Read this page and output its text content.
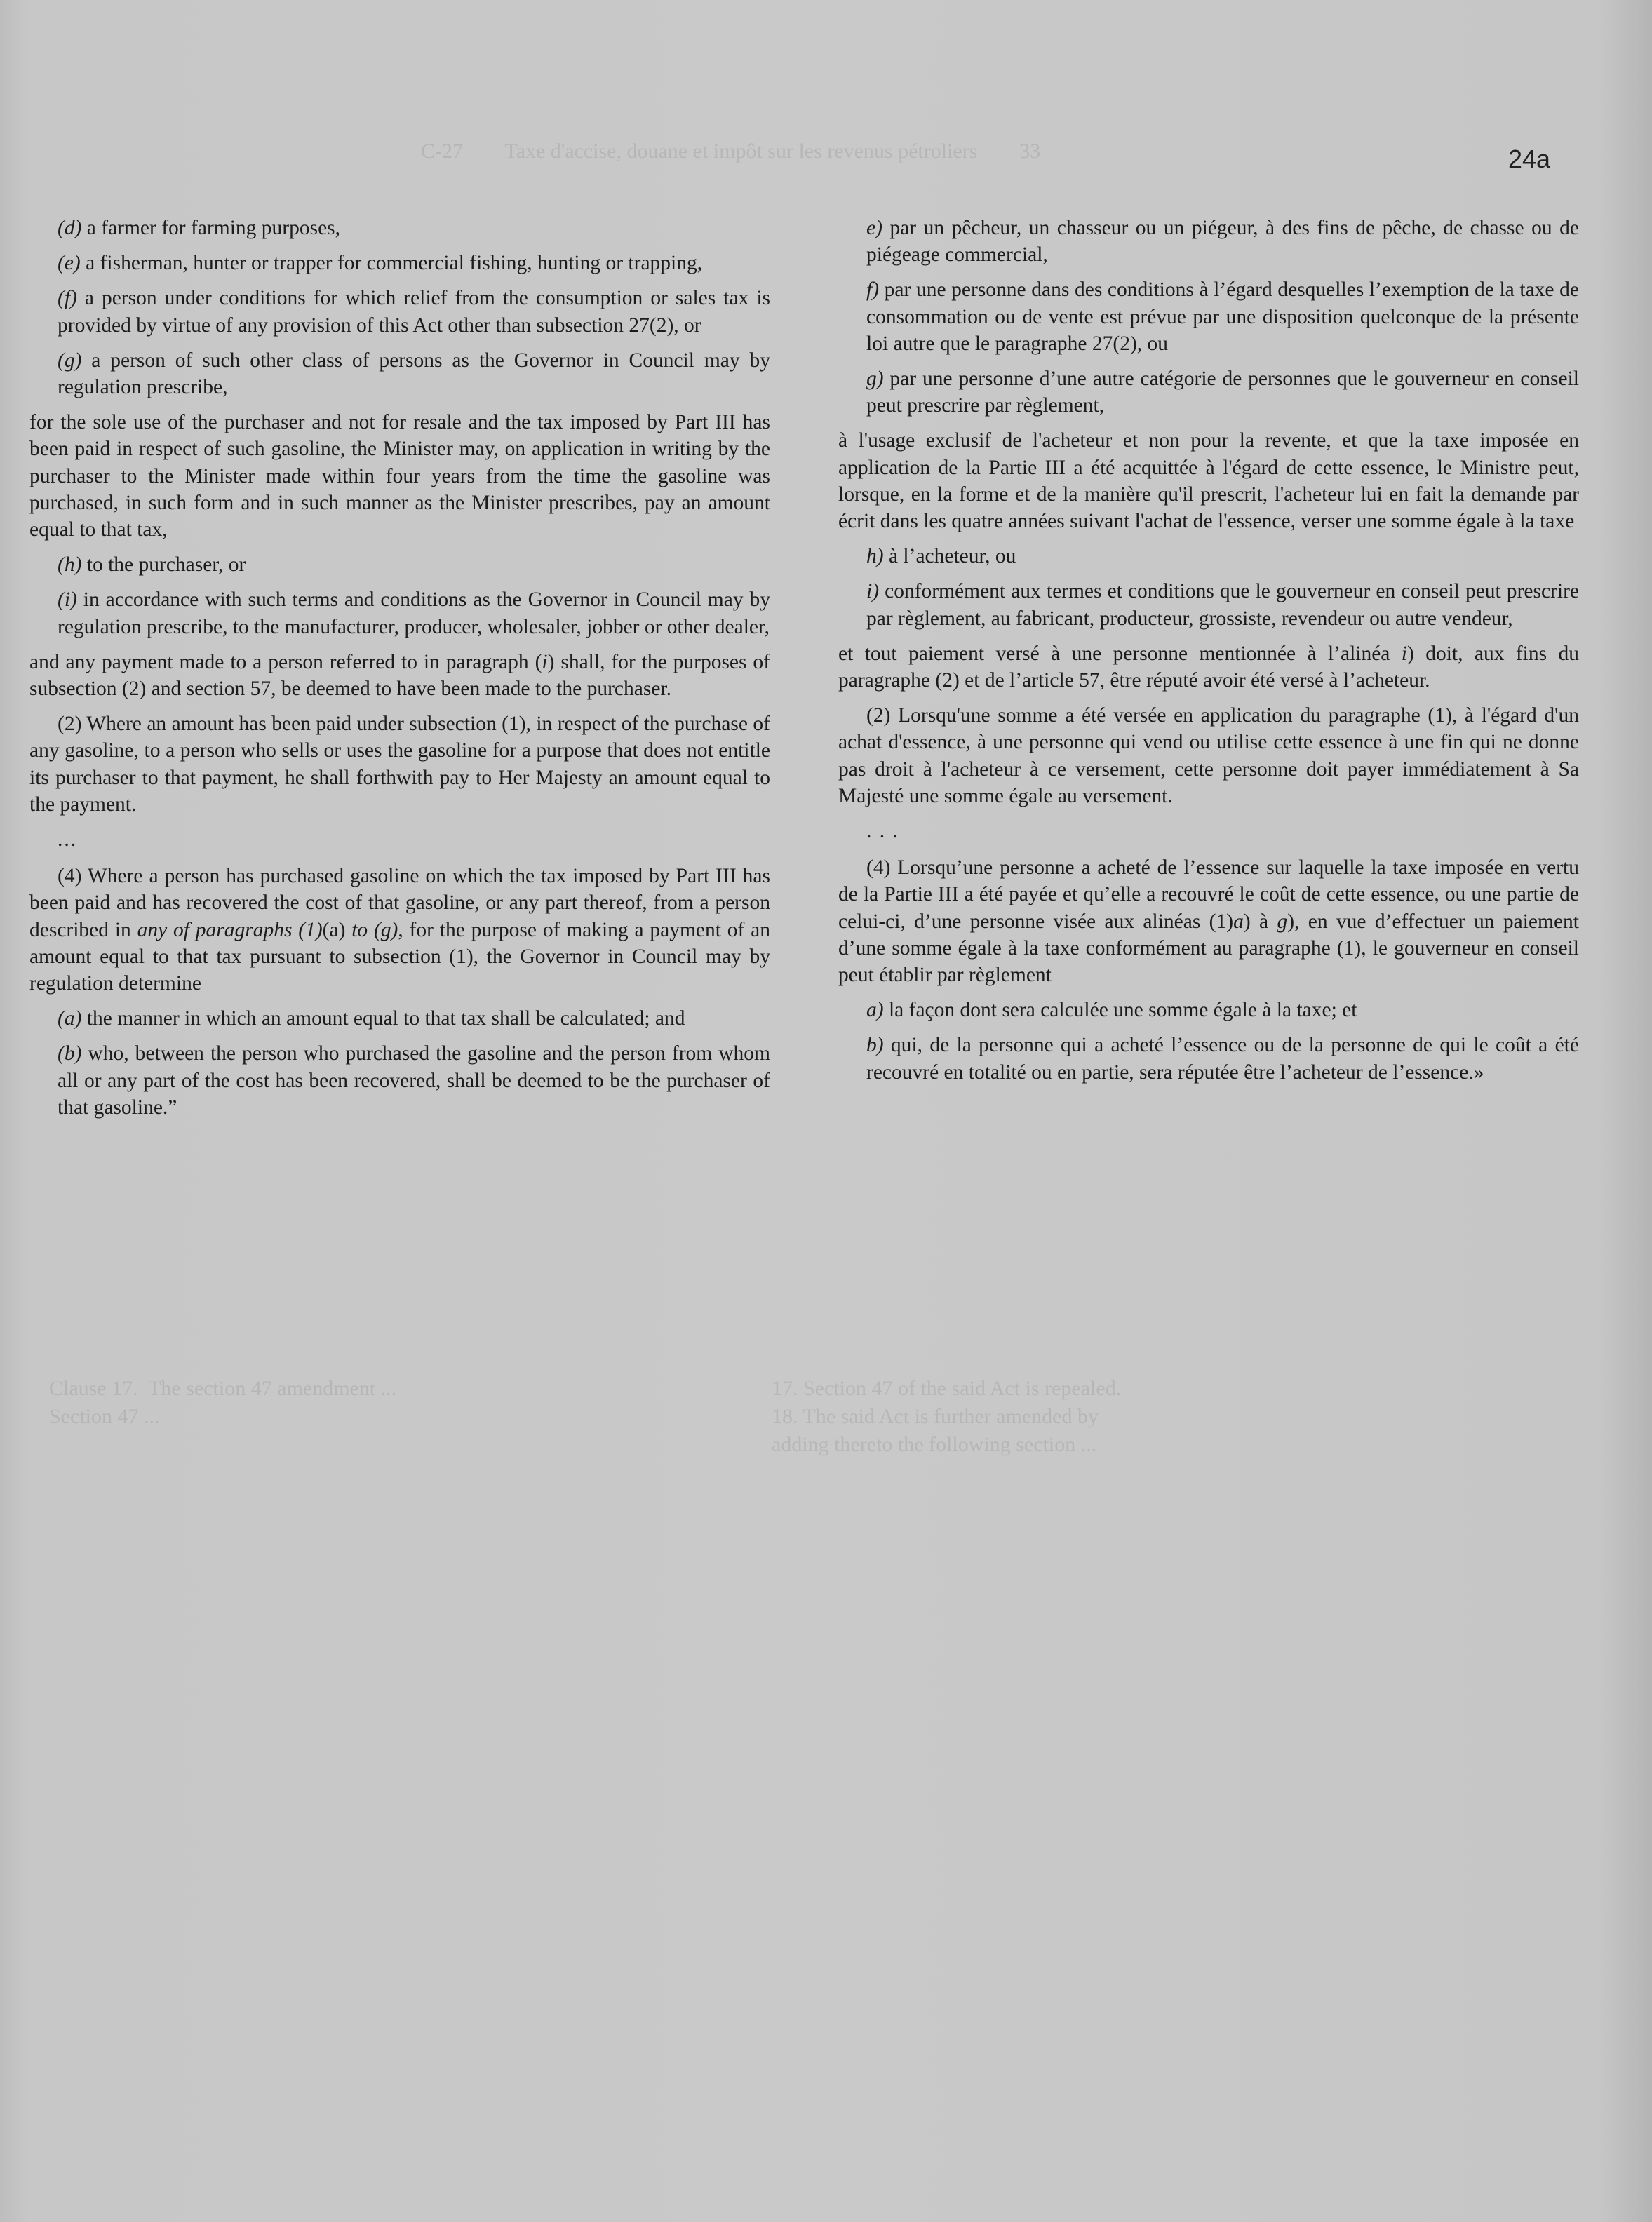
C-27        Taxe d'accise, douane et impôt sur les revenus pétroliers        33
Clause 17.  The section 47 amendment ...
Section 47 ...
17. Section 47 of the said Act is repealed.
18. The said Act is further amended by
adding thereto the following section ...
24a

(d) a farmer for farming purposes,

(e) a fisherman, hunter or trapper for commercial fishing, hunting or trapping,

(f) a person under conditions for which relief from the consumption or sales tax is provided by virtue of any provision of this Act other than subsection 27(2), or

(g) a person of such other class of persons as the Governor in Council may by regulation prescribe,

for the sole use of the purchaser and not for resale and the tax imposed by Part III has been paid in respect of such gasoline, the Minister may, on application in writing by the purchaser to the Minister made within four years from the time the gasoline was purchased, in such form and in such manner as the Minister prescribes, pay an amount equal to that tax,

(h) to the purchaser, or

(i) in accordance with such terms and conditions as the Governor in Council may by regulation prescribe, to the manufacturer, producer, wholesaler, jobber or other dealer,

and any payment made to a person referred to in paragraph (i) shall, for the purposes of subsection (2) and section 57, be deemed to have been made to the purchaser.

(2) Where an amount has been paid under subsection (1), in respect of the purchase of any gasoline, to a person who sells or uses the gasoline for a purpose that does not entitle its purchaser to that payment, he shall forthwith pay to Her Majesty an amount equal to the payment.

...

(4) Where a person has purchased gasoline on which the tax imposed by Part III has been paid and has recovered the cost of that gasoline, or any part thereof, from a person described in any of paragraphs (1)(a) to (g), for the purpose of making a payment of an amount equal to that tax pursuant to subsection (1), the Governor in Council may by regulation determine

(a) the manner in which an amount equal to that tax shall be calculated; and

(b) who, between the person who purchased the gasoline and the person from whom all or any part of the cost has been recovered, shall be deemed to be the purchaser of that gasoline.”

e) par un pêcheur, un chasseur ou un piégeur, à des fins de pêche, de chasse ou de piégeage commercial,

f) par une personne dans des conditions à l’égard desquelles l’exemption de la taxe de consommation ou de vente est prévue par une disposition quelconque de la présente loi autre que le paragraphe 27(2), ou

g) par une personne d’une autre catégorie de personnes que le gouverneur en conseil peut prescrire par règlement,

à l'usage exclusif de l'acheteur et non pour la revente, et que la taxe imposée en application de la Partie III a été acquittée à l'égard de cette essence, le Ministre peut, lorsque, en la forme et de la manière qu'il prescrit, l'acheteur lui en fait la demande par écrit dans les quatre années suivant l'achat de l'essence, verser une somme égale à la taxe

h) à l’acheteur, ou

i) conformément aux termes et conditions que le gouverneur en conseil peut prescrire par règlement, au fabricant, producteur, grossiste, revendeur ou autre vendeur,

et tout paiement versé à une personne mentionnée à l’alinéa i) doit, aux fins du paragraphe (2) et de l’article 57, être réputé avoir été versé à l’acheteur.

(2) Lorsqu'une somme a été versée en application du paragraphe (1), à l'égard d'un achat d'essence, à une personne qui vend ou utilise cette essence à une fin qui ne donne pas droit à l'acheteur à ce versement, cette personne doit payer immédiatement à Sa Majesté une somme égale au versement.

. . .

(4) Lorsqu’une personne a acheté de l’essence sur laquelle la taxe imposée en vertu de la Partie III a été payée et qu’elle a recouvré le coût de cette essence, ou une partie de celui-ci, d’une personne visée aux alinéas (1)a) à g), en vue d’effectuer un paiement d’une somme égale à la taxe conformément au paragraphe (1), le gouverneur en conseil peut établir par règlement

a) la façon dont sera calculée une somme égale à la taxe; et

b) qui, de la personne qui a acheté l’essence ou de la personne de qui le coût a été recouvré en totalité ou en partie, sera réputée être l’acheteur de l’essence.»
